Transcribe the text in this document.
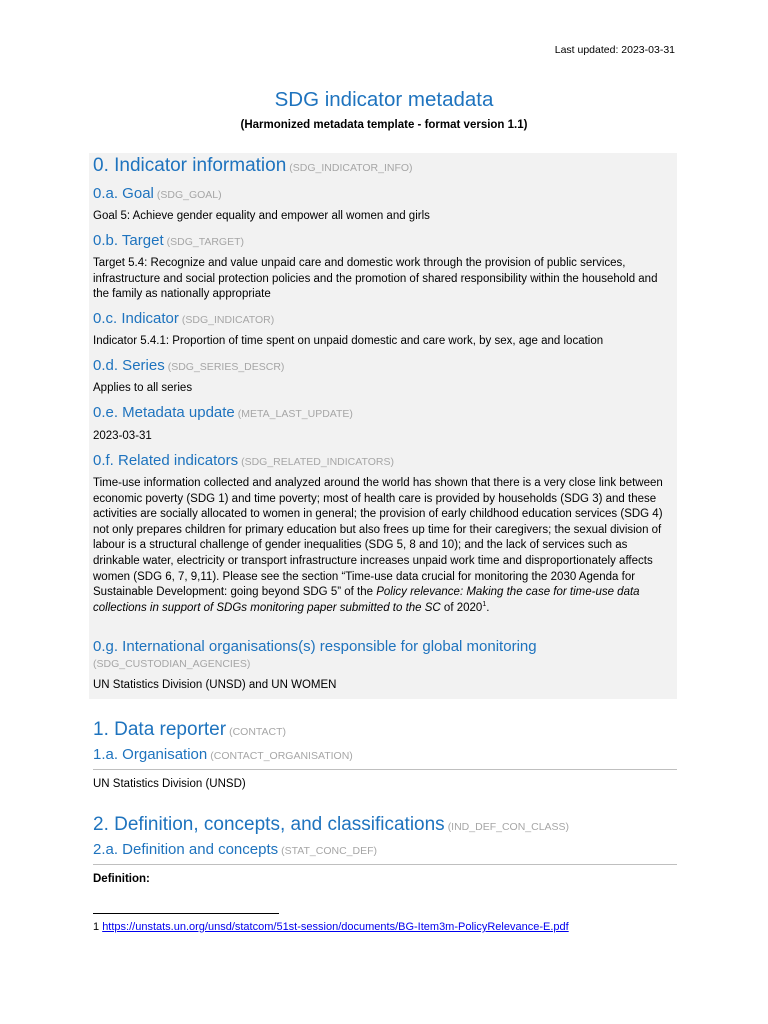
Last updated: 2023-03-31
SDG indicator metadata
(Harmonized metadata template - format version 1.1)
0. Indicator information (SDG_INDICATOR_INFO)
0.a. Goal (SDG_GOAL)
Goal 5: Achieve gender equality and empower all women and girls
0.b. Target (SDG_TARGET)
Target 5.4: Recognize and value unpaid care and domestic work through the provision of public services, infrastructure and social protection policies and the promotion of shared responsibility within the household and the family as nationally appropriate
0.c. Indicator (SDG_INDICATOR)
Indicator 5.4.1: Proportion of time spent on unpaid domestic and care work, by sex, age and location
0.d. Series (SDG_SERIES_DESCR)
Applies to all series
0.e. Metadata update (META_LAST_UPDATE)
2023-03-31
0.f. Related indicators (SDG_RELATED_INDICATORS)
Time-use information collected and analyzed around the world has shown that there is a very close link between economic poverty (SDG 1) and time poverty; most of health care is provided by households (SDG 3) and these activities are socially allocated to women in general; the provision of early childhood education services (SDG 4) not only prepares children for primary education but also frees up time for their caregivers; the sexual division of labour is a structural challenge of gender inequalities (SDG 5, 8 and 10); and the lack of services such as drinkable water, electricity or transport infrastructure increases unpaid work time and disproportionately affects women (SDG 6, 7, 9,11). Please see the section “Time-use data crucial for monitoring the 2030 Agenda for Sustainable Development: going beyond SDG 5” of the Policy relevance: Making the case for time-use data collections in support of SDGs monitoring paper submitted to the SC of 2020$^1$.
0.g. International organisations(s) responsible for global monitoring
(SDG_CUSTODIAN_AGENCIES)
UN Statistics Division (UNSD) and UN WOMEN
1. Data reporter (CONTACT)
1.a. Organisation (CONTACT_ORGANISATION)
UN Statistics Division (UNSD)
2. Definition, concepts, and classifications (IND_DEF_CON_CLASS)
2.a. Definition and concepts (STAT_CONC_DEF)
Definition:
1 https://unstats.un.org/unsd/statcom/51st-session/documents/BG-Item3m-PolicyRelevance-E.pdf
